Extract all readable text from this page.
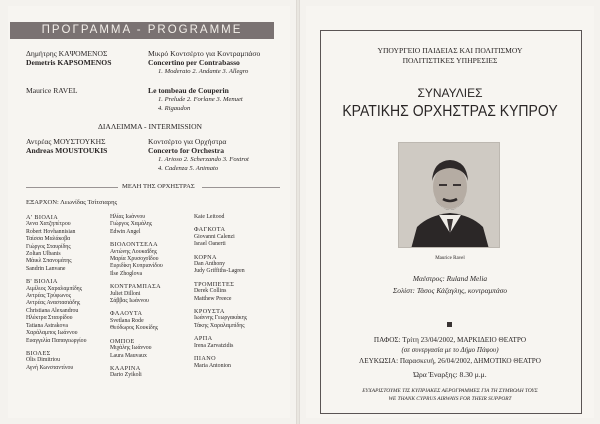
ΠΡΟΓΡΑΜΜΑ - PROGRAMME
Δημήτρης ΚΑΨΟΜΕΝΟΣ
Demetris KAPSOMENOS
Μικρό Κοντσέρτο για Κοντραμπάσο
Concertino per Contrabasso
1. Moderato 2. Andante 3. Allegro
Maurice RAVEL	Le tombeau de Couperin
1. Prelude 2. Forlane 3. Menuet
4. Rigaudon
ΔΙΑΛΕΙΜΜΑ - INTERMISSION
Αντρέας ΜΟΥΣΤΟΥΚΗΣ
Andreas MOUSTOUKIS
Κοντσέρτο για Ορχήστρα
Concerto for Orchestra
1. Arioso 2. Scherzando 3. Foxtrot
4. Cadenza 5. Animato
ΜΕΛΗ ΤΗΣ ΟΡΧΗΣΤΡΑΣ
ΕΞΑΡΧΟΝ: Λεωνίδας Τσίτσιαρης
Α' ΒΙΟΛΙΑ
Άννα Χατζηπέτρου
Robert Hovhannisian
Ταίσσα Μαλάκοβα
Γιώργος Σταυρίδης
Zoltan Ulbanis
Μάικλ Σπανομάτης
Sandrin Lanvane
Β' ΒΙΟΛΙΑ
Αιμίλιος Χαραλαμπίδης
Αντρέας Τρύφωνος
Αντρέας Αναστασιάδης
Christiana Alexandrou
Ηλέκτρα Σταυρίδου
Tatiana Astrakova
Χαράλαμπος Ιωάννου
Ευαγγελία Παπαγεωργίου
ΒΙΟΛΕΣ
Olis Dimitriou
Αγνή Κωνσταντίνου
Ηλίας Ιωάννου
Γιώργος Χαμάλης
Edwin Angel
ΒΙΟΛΟΝΤΣΕΛΑ
Αντώνης Λουκαΐδης
Μαρία Χρυσοχοΐδου
Ευριδίκη Κυπριανίδου
Ilse Zhoglova
ΚΟΝΤΡΑΜΠΑΣΑ
Juliet Dilloni
Σάββας Ιωάννου
ΦΛΑΟΥΤΑ
Svetlana Rode
Θεόδωρος Κουκίδης
ΟΜΠΟΕ
Μιχάλης Ιωάννου
Laura Mauvaux
ΚΛΑΡΙΝΑ
Dario Zyikoli
Kaie Leitood
ΦΑΓΚΟΤΑ
Giovanni Calenzi
Israel Oanerti
ΚΟΡΝΑ
Dan Anthony
Judy Griffiths-Lagren
ΤΡΟΜΠΕΤΕΣ
Derek Collins
Matthew Preece
ΚΡΟΥΣΤΑ
Ιωάννης Γεωργακάκης
Τάκης Χαραλαμπίδης
ΑΡΠΑ
Irena Zarvatzidis
ΠΙΑΝΟ
Maria Antonion
ΥΠΟΥΡΓΕΙΟ ΠΑΙΔΕΙΑΣ ΚΑΙ ΠΟΛΙΤΙΣΜΟΥ
ΠΟΛΙΤΙΣΤΙΚΕΣ ΥΠΗΡΕΣΙΕΣ
ΣΥΝΑΥΛΙΕΣ
ΚΡΑΤΙΚΗΣ ΟΡΧΗΣΤΡΑΣ ΚΥΠΡΟΥ
Maurice Ravel
Μαέστρος: Ruland Melia
Σολίστ: Τάσος Κάζαγλης, κοντραμπάσο
ΠΑΦΟΣ: Τρίτη 23/04/2002, ΜΑΡΚΙΔΕΙΟ ΘΕΑΤΡΟ
(σε συνεργασία με το Δήμο Πάφου)
ΛΕΥΚΩΣΙΑ: Παρασκευή, 26/04/2002, ΔΗΜΟΤΙΚΟ ΘΕΑΤΡΟ
Ώρα Έναρξης: 8.30 μ.μ.
ΕΥΧΑΡΙΣΤΟΥΜΕ ΤΙΣ ΚΥΠΡΙΑΚΕΣ ΑΕΡΟΓΡΑΜΜΕΣ ΓΙΑ ΤΗ ΣΥΜΒΟΛΗ ΤΟΥΣ
WE THANK CYPRUS AIRWAYS FOR THEIR SUPPORT
